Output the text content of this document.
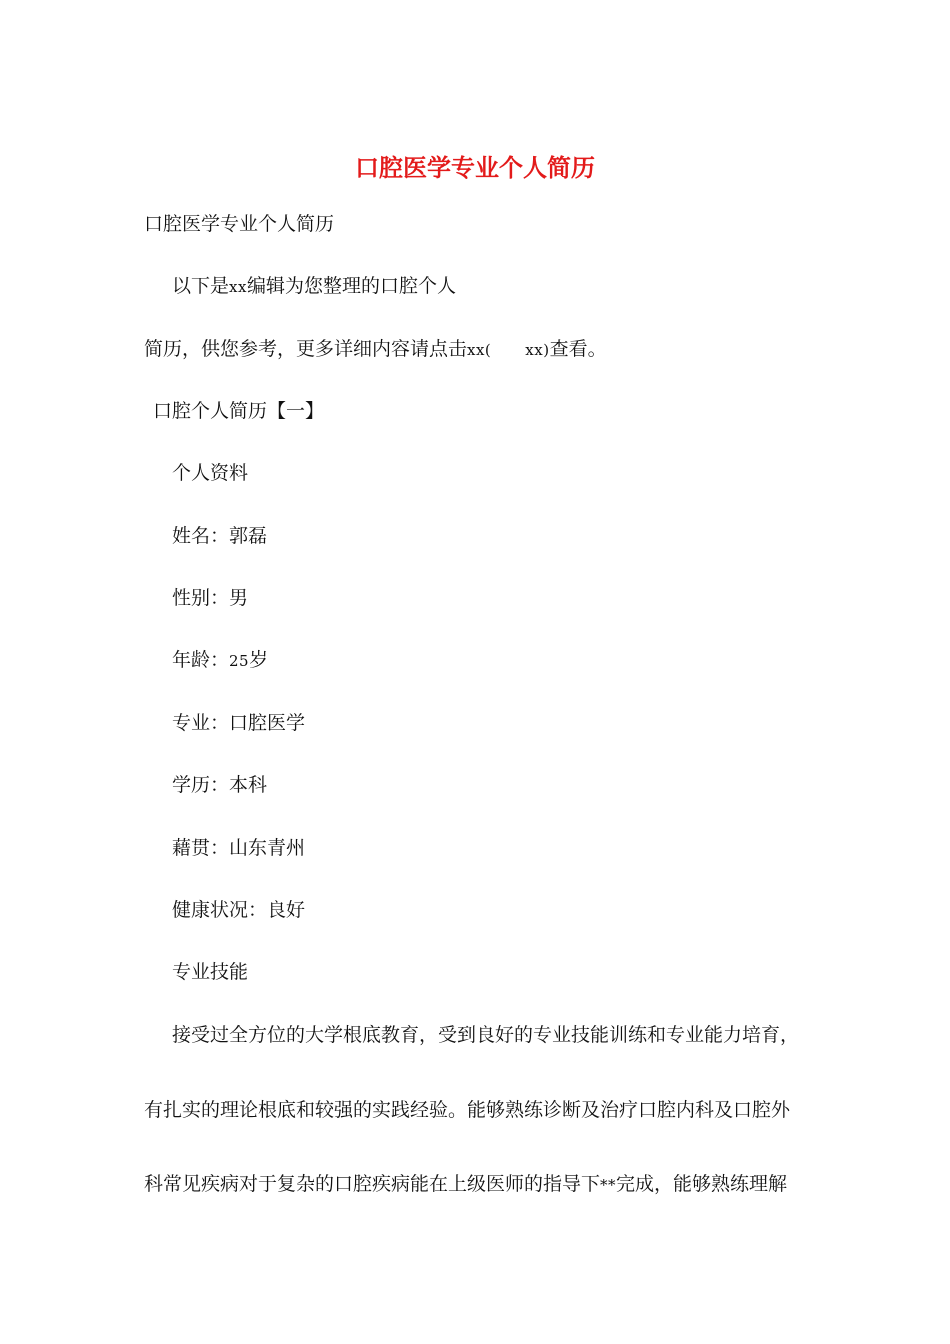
口腔医学专业个人简历
口腔医学专业个人简历
以下是xx编辑为您整理的口腔个人
简历，供您参考，更多详细内容请点击xx( xx)查看。
口腔个人简历【一】
个人资料
姓名：郭磊
性别：男
年龄：25岁
专业：口腔医学
学历：本科
藉贯：山东青州
健康状况：良好
专业技能
接受过全方位的大学根底教育，受到良好的专业技能训练和专业能力培育，
有扎实的理论根底和较强的实践经验。能够熟练诊断及治疗口腔内科及口腔外
科常见疾病对于复杂的口腔疾病能在上级医师的指导下**完成，能够熟练理解
